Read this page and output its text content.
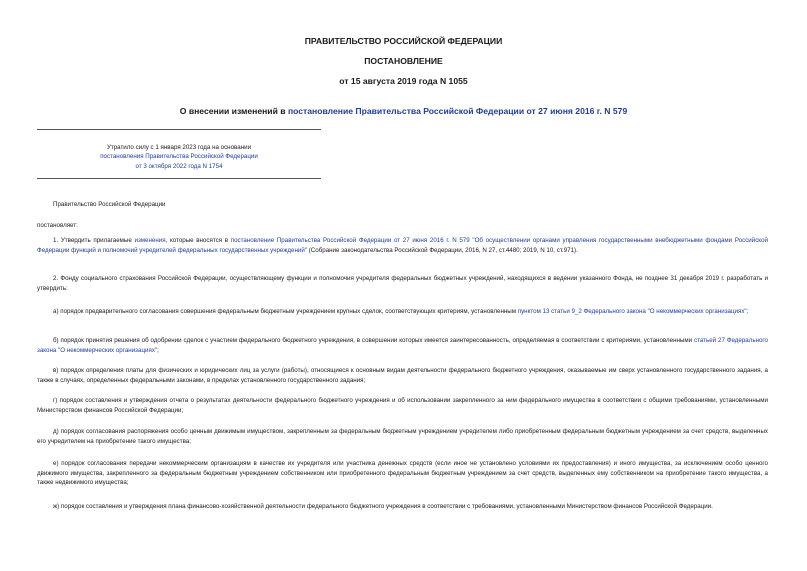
ПРАВИТЕЛЬСТВО РОССИЙСКОЙ ФЕДЕРАЦИИ
ПОСТАНОВЛЕНИЕ
от 15 августа 2019 года N 1055
О внесении изменений в постановление Правительства Российской Федерации от 27 июня 2016 г. N 579
Утратило силу с 1 января 2023 года на основании
постановления Правительства Российской Федерации
от 3 октября 2022 года N 1754
Правительство Российской Федерации
постановляет:
1. Утвердить прилагаемые изменения, которые вносятся в постановление Правительства Российской Федерации от 27 июня 2016 г. N 579 "Об осуществлении органами управления государственными внебюджетными фондами Российской Федерации функций и полномочий учредителей федеральных государственных учреждений" (Собрание законодательства Российской Федерации, 2016, N 27, ст.4480; 2019, N 10, ст.971).
2. Фонду социального страхования Российской Федерации, осуществляющему функции и полномочия учредителя федеральных бюджетных учреждений, находящихся в ведении указанного Фонда, не позднее 31 декабря 2019 г. разработать и утвердить:
а) порядок предварительного согласования совершения федеральным бюджетным учреждением крупных сделок, соответствующих критериям, установленным пунктом 13 статьи 9_2 Федерального закона "О некоммерческих организациях";
б) порядок принятия решения об одобрении сделок с участием федерального бюджетного учреждения, в совершении которых имеется заинтересованность, определяемая в соответствии с критериями, установленными статьей 27 Федерального закона "О некоммерческих организациях";
в) порядок определения платы для физических и юридических лиц за услуги (работы), относящиеся к основным видам деятельности федерального бюджетного учреждения, оказываемые им сверх установленного государственного задания, а также в случаях, определенных федеральными законами, в пределах установленного государственного задания;
г) порядок составления и утверждения отчета о результатах деятельности федерального бюджетного учреждения и об использовании закрепленного за ним федерального имущества в соответствии с общими требованиями, установленными Министерством финансов Российской Федерации;
д) порядок согласования распоряжения особо ценным движимым имуществом, закрепленным за федеральным бюджетным учреждением учредителем либо приобретенным федеральным бюджетным учреждением за счет средств, выделенных его учредителем на приобретение такого имущества;
е) порядок согласования передачи некоммерческим организациям в качестве их учредителя или участника денежных средств (если иное не установлено условиями их предоставления) и иного имущества, за исключением особо ценного движимого имущества, закрепленного за федеральным бюджетным учреждением собственником или приобретенного федеральным бюджетным учреждением за счет средств, выделенных ему собственником на приобретение такого имущества, а также недвижимого имущества;
ж) порядок составления и утверждения плана финансово-хозяйственной деятельности федерального бюджетного учреждения в соответствии с требованиями, установленными Министерством финансов Российской Федерации.
